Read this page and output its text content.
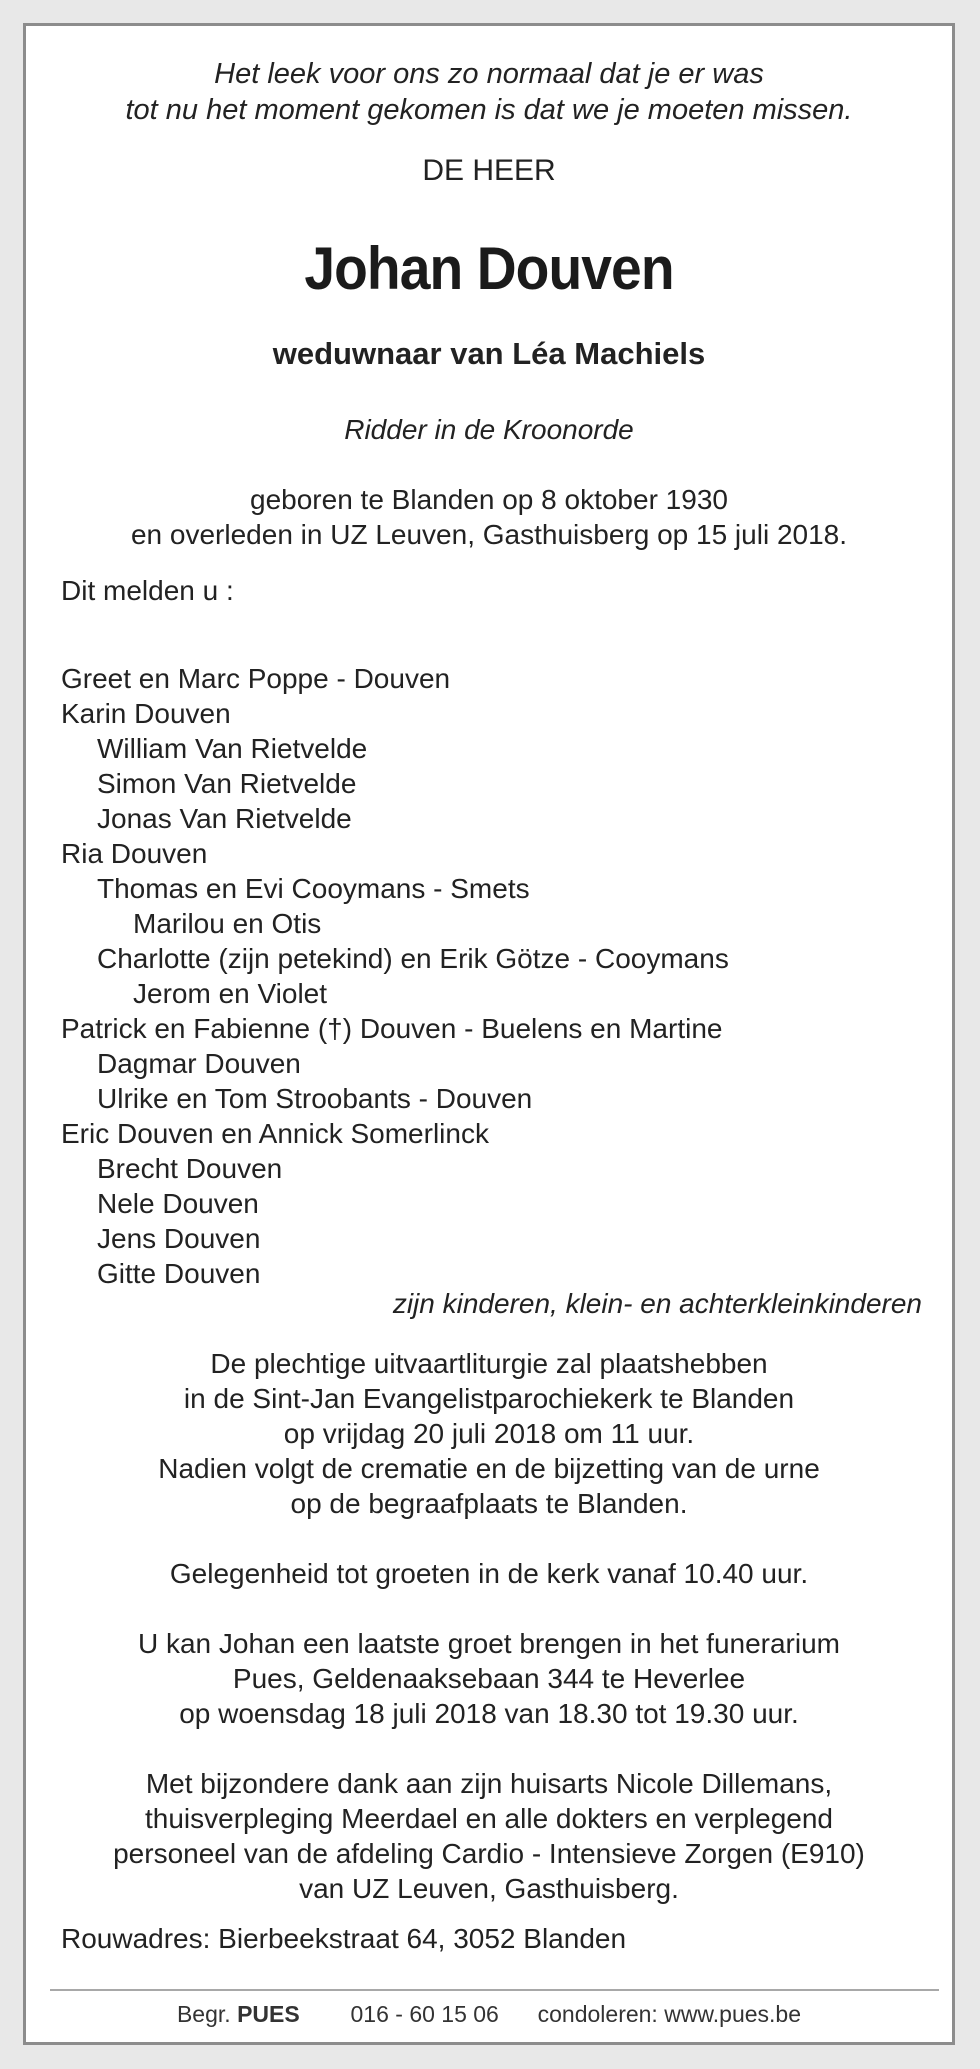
Het leek voor ons zo normaal dat je er was
tot nu het moment gekomen is dat we je moeten missen.
DE HEER
Johan Douven
weduwnaar van Léa Machiels
Ridder in de Kroonorde
geboren te Blanden op 8 oktober 1930
en overleden in UZ Leuven, Gasthuisberg op 15 juli 2018.
Dit melden u :
Greet en Marc Poppe - Douven
Karin Douven
William Van Rietvelde
Simon Van Rietvelde
Jonas Van Rietvelde
Ria Douven
Thomas en Evi Cooymans - Smets
Marilou en Otis
Charlotte (zijn petekind) en Erik Götze - Cooymans
Jerom en Violet
Patrick en Fabienne (†) Douven - Buelens en Martine
Dagmar Douven
Ulrike en Tom Stroobants - Douven
Eric Douven en Annick Somerlinck
Brecht Douven
Nele Douven
Jens Douven
Gitte Douven
zijn kinderen, klein- en achterkleinkinderen
De plechtige uitvaartliturgie zal plaatshebben
in de Sint-Jan Evangelistparochiekerk te Blanden
op vrijdag 20 juli 2018 om 11 uur.
Nadien volgt de crematie en de bijzetting van de urne
op de begraafplaats te Blanden.
Gelegenheid tot groeten in de kerk vanaf 10.40 uur.
U kan Johan een laatste groet brengen in het funerarium
Pues, Geldenaaksebaan 344 te Heverlee
op woensdag 18 juli 2018 van 18.30 tot 19.30 uur.
Met bijzondere dank aan zijn huisarts Nicole Dillemans,
thuisverpleging Meerdael en alle dokters en verplegend
personeel van de afdeling Cardio - Intensieve Zorgen (E910)
van UZ Leuven, Gasthuisberg.
Rouwadres: Bierbeekstraat 64, 3052 Blanden
Begr. PUES 016 - 60 15 06 condoleren: www.pues.be
